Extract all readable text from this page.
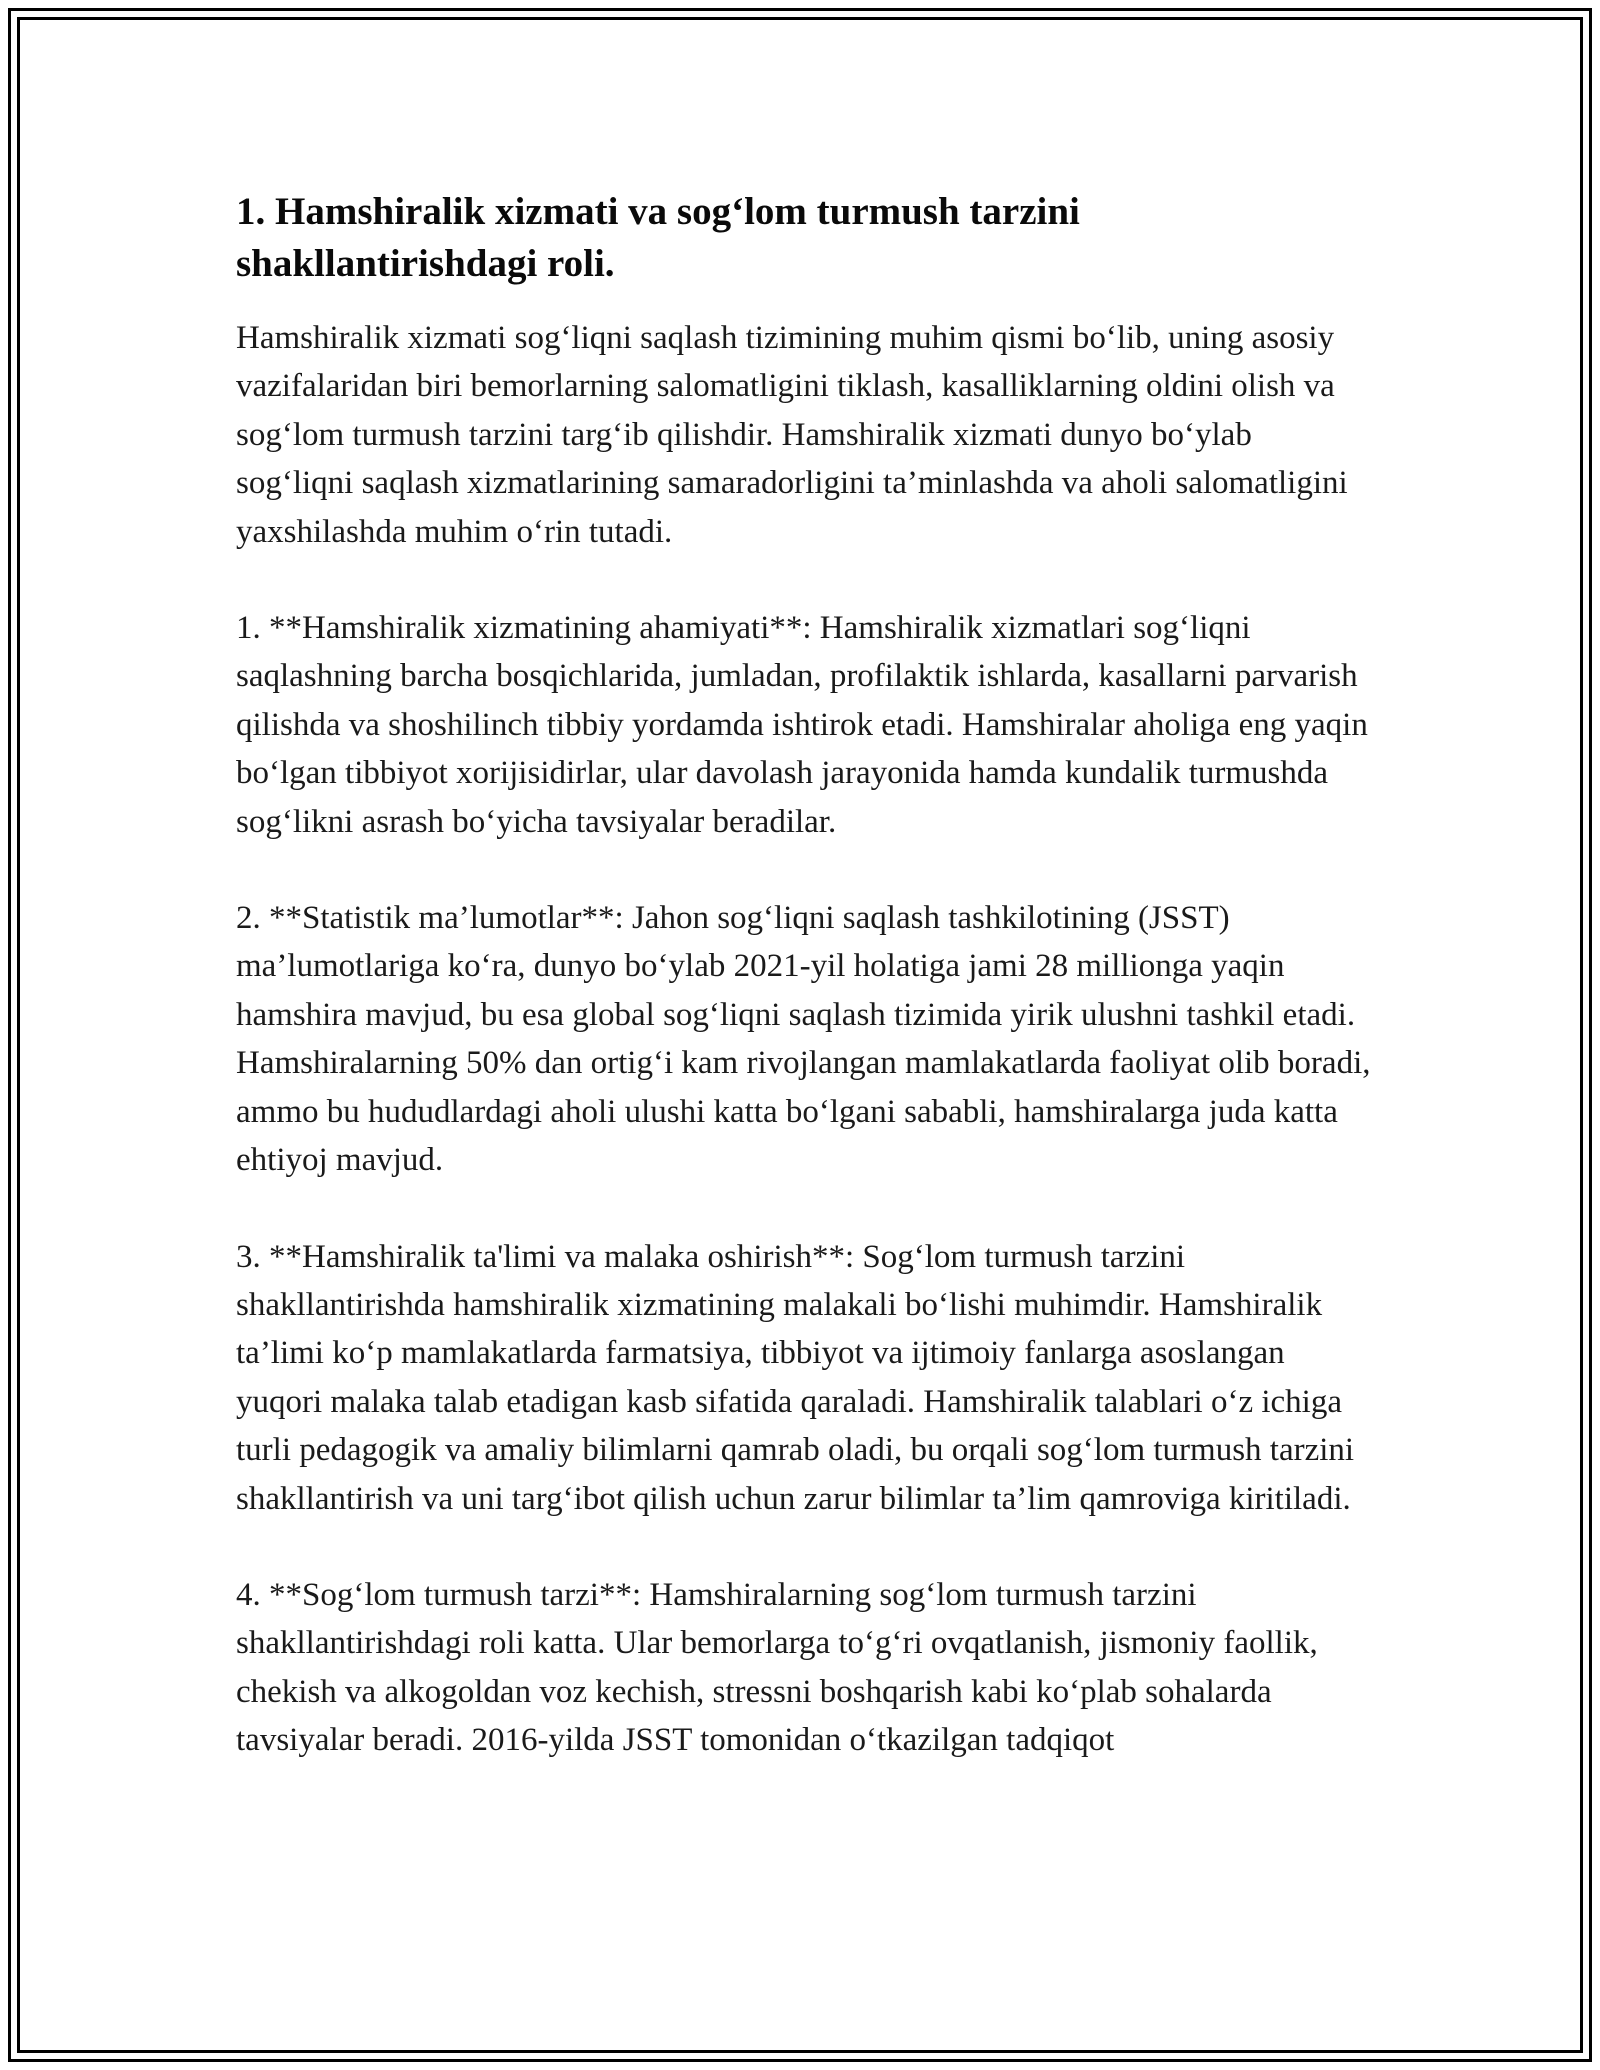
1. Hamshiralik xizmati va sog‘lom turmush tarzini shakllantirishdagi roli.

Hamshiralik xizmati sog‘liqni saqlash tizimining muhim qismi bo‘lib, uning asosiy vazifalaridan biri bemorlarning salomatligini tiklash, kasalliklarning oldini olish va sog‘lom turmush tarzini targ‘ib qilishdir. Hamshiralik xizmati dunyo bo‘ylab sog‘liqni saqlash xizmatlarining samaradorligini ta’minlashda va aholi salomatligini yaxshilashda muhim o‘rin tutadi.

1. **Hamshiralik xizmatining ahamiyati**: Hamshiralik xizmatlari sog‘liqni saqlashning barcha bosqichlarida, jumladan, profilaktik ishlarda, kasallarni parvarish qilishda va shoshilinch tibbiy yordamda ishtirok etadi. Hamshiralar aholiga eng yaqin bo‘lgan tibbiyot xorijisidirlar, ular davolash jarayonida hamda kundalik turmushda sog‘likni asrash bo‘yicha tavsiyalar beradilar.

2. **Statistik ma’lumotlar**: Jahon sog‘liqni saqlash tashkilotining (JSST) ma’lumotlariga ko‘ra, dunyo bo‘ylab 2021-yil holatiga jami 28 millionga yaqin hamshira mavjud, bu esa global sog‘liqni saqlash tizimida yirik ulushni tashkil etadi. Hamshiralarning 50% dan ortig‘i kam rivojlangan mamlakatlarda faoliyat olib boradi, ammo bu hududlardagi aholi ulushi katta bo‘lgani sababli, hamshiralarga juda katta ehtiyoj mavjud.

3. **Hamshiralik ta'limi va malaka oshirish**: Sog‘lom turmush tarzini shakllantirishda hamshiralik xizmatining malakali bo‘lishi muhimdir. Hamshiralik ta’limi ko‘p mamlakatlarda farmatsiya, tibbiyot va ijtimoiy fanlarga asoslangan yuqori malaka talab etadigan kasb sifatida qaraladi. Hamshiralik talablari o‘z ichiga turli pedagogik va amaliy bilimlarni qamrab oladi, bu orqali sog‘lom turmush tarzini shakllantirish va uni targ‘ibot qilish uchun zarur bilimlar ta’lim qamroviga kiritiladi.

4. **Sog‘lom turmush tarzi**: Hamshiralarning sog‘lom turmush tarzini shakllantirishdagi roli katta. Ular bemorlarga to‘g‘ri ovqatlanish, jismoniy faollik, chekish va alkogoldan voz kechish, stressni boshqarish kabi ko‘plab sohalarda tavsiyalar beradi. 2016-yilda JSST tomonidan o‘tkazilgan tadqiqot
